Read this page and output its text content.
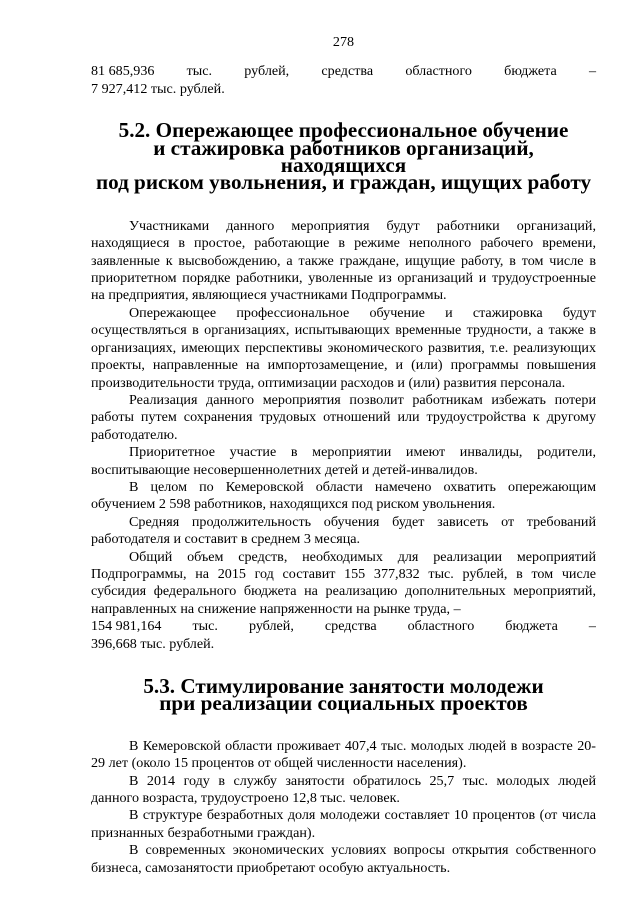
278
81 685,936 тыс. рублей, средства областного бюджета –

7 927,412 тыс. рублей.

5.2. Опережающее профессиональное обучение
и стажировка работников организаций, находящихся
под риском увольнения, и граждан, ищущих работу

Участниками данного мероприятия будут работники организаций, находящиеся в простое, работающие в режиме неполного рабочего времени, заявленные к высвобождению, а также граждане, ищущие работу, в том числе в приоритетном порядке работники, уволенные из организаций и трудоустроенные на предприятия, являющиеся участниками Подпрограммы.

Опережающее профессиональное обучение и стажировка будут осуществляться в организациях, испытывающих временные трудности, а также в организациях, имеющих перспективы экономического развития, т.е. реализующих проекты, направленные на импортозамещение, и (или) программы повышения производительности труда, оптимизации расходов и (или) развития персонала.

Реализация данного мероприятия позволит работникам избежать потери работы путем сохранения трудовых отношений или трудоустройства к другому работодателю.

Приоритетное участие в мероприятии имеют инвалиды, родители, воспитывающие несовершеннолетних детей и детей-инвалидов.

В целом по Кемеровской области намечено охватить опережающим обучением 2 598 работников, находящихся под риском увольнения.

Средняя продолжительность обучения будет зависеть от требований работодателя и составит в среднем 3 месяца.

Общий объем средств, необходимых для реализации мероприятий Подпрограммы, на 2015 год составит 155 377,832 тыс. рублей, в том числе субсидия федерального бюджета на реализацию дополнительных мероприятий, направленных на снижение напряженности на рынке труда, –

154 981,164 тыс. рублей, средства областного бюджета –

396,668 тыс. рублей.

5.3. Стимулирование занятости молодежи
при реализации социальных проектов

В Кемеровской области проживает 407,4 тыс. молодых людей в возрасте 20-29 лет (около 15 процентов от общей численности населения).

В 2014 году в службу занятости обратилось 25,7 тыс. молодых людей данного возраста, трудоустроено 12,8 тыс. человек.

В структуре безработных доля молодежи составляет 10 процентов (от числа признанных безработными граждан).

В современных экономических условиях вопросы открытия собственного бизнеса, самозанятости приобретают особую актуальность.
